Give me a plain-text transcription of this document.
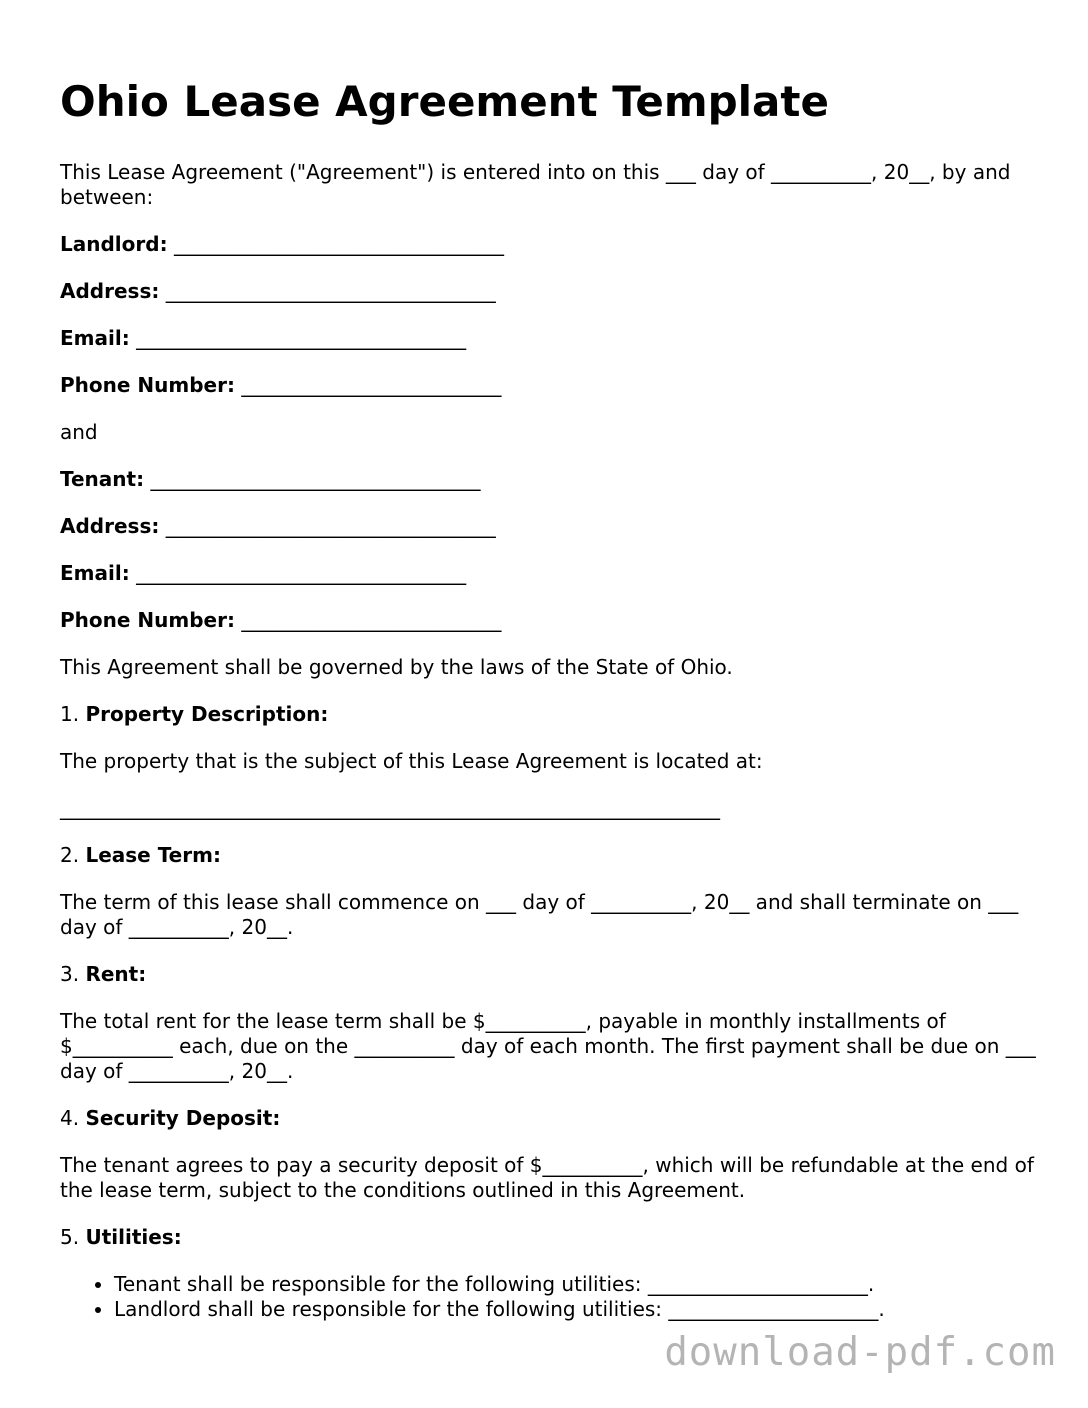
Ohio Lease Agreement Template

This Lease Agreement ("Agreement") is entered into on this ___ day of __________, 20__, by and between:

Landlord: _________________________________

Address: _________________________________

Email: _________________________________

Phone Number: __________________________

and

Tenant: _________________________________

Address: _________________________________

Email: _________________________________

Phone Number: __________________________

This Agreement shall be governed by the laws of the State of Ohio.

1. Property Description:

The property that is the subject of this Lease Agreement is located at:

__________________________________________________________________

2. Lease Term:

The term of this lease shall commence on ___ day of __________, 20__ and shall terminate on ___ day of __________, 20__.

3. Rent:

The total rent for the lease term shall be $__________, payable in monthly installments of $__________ each, due on the __________ day of each month. The first payment shall be due on ___ day of __________, 20__.

4. Security Deposit:

The tenant agrees to pay a security deposit of $__________, which will be refundable at the end of the lease term, subject to the conditions outlined in this Agreement.

5. Utilities:

• Tenant shall be responsible for the following utilities: ______________________.
• Landlord shall be responsible for the following utilities: _____________________.
download-pdf.com
